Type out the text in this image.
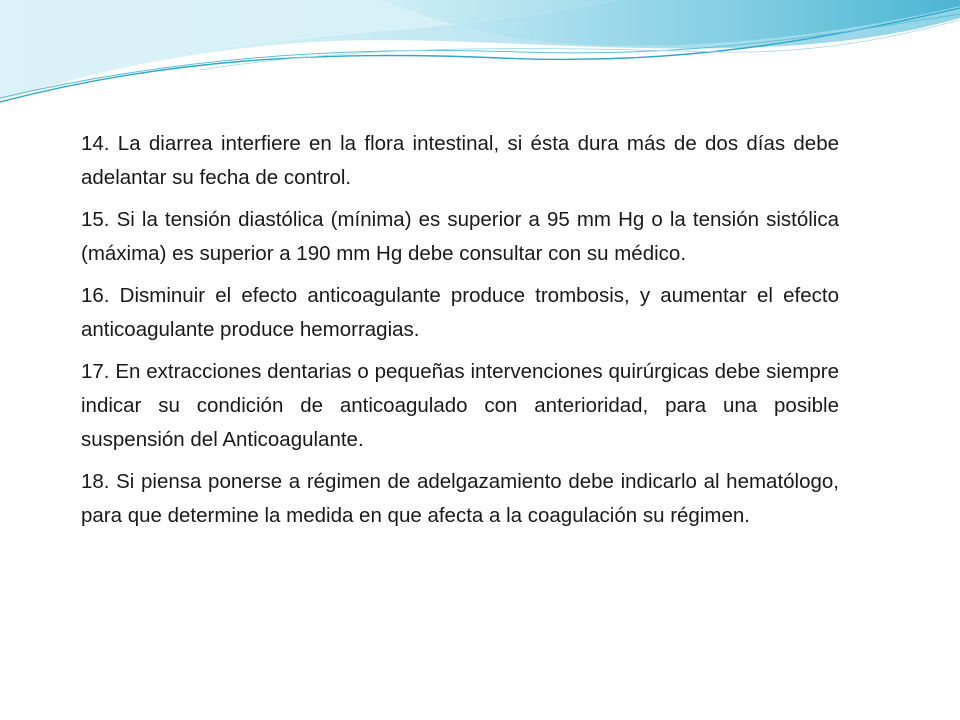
14. La diarrea interfiere en la flora intestinal, si ésta dura más de dos días debe adelantar su fecha de control.

15. Si la tensión diastólica (mínima) es superior a 95 mm Hg o la tensión sistólica (máxima) es superior a 190 mm Hg debe consultar con su médico.

16. Disminuir el efecto anticoagulante produce trombosis, y aumentar el efecto anticoagulante produce hemorragias.

17. En extracciones dentarias o pequeñas intervenciones quirúrgicas debe siempre indicar su condición de anticoagulado con anterioridad, para una posible suspensión del Anticoagulante.

18. Si piensa ponerse a régimen de adelgazamiento debe indicarlo al hematólogo, para que determine la medida en que afecta a la coagulación su régimen.
